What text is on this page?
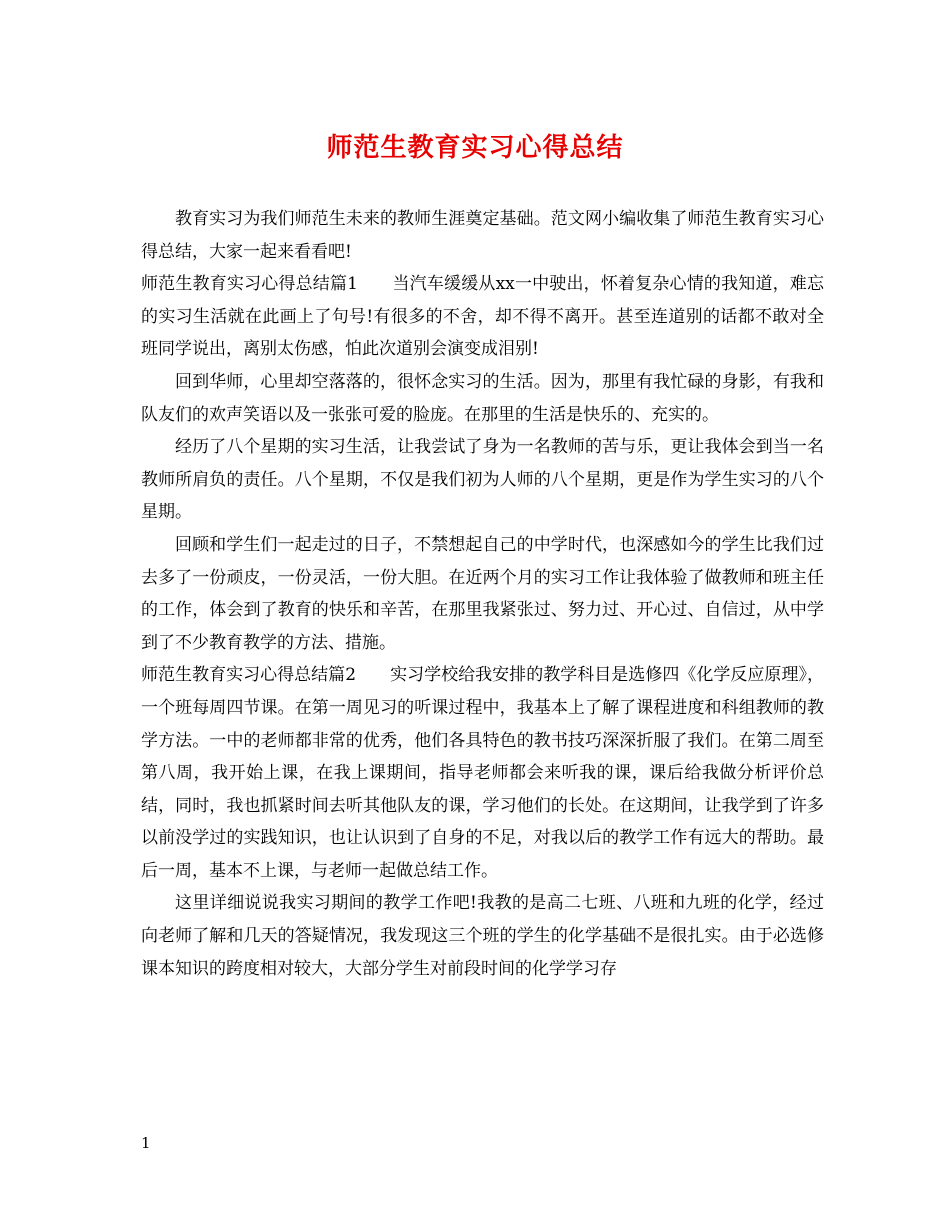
师范生教育实习心得总结

教育实习为我们师范生未来的教师生涯奠定基础。范文网小编收集了师范生教育实习心得总结，大家一起来看看吧!

师范生教育实习心得总结篇1　　当汽车缓缓从xx一中驶出，怀着复杂心情的我知道，难忘的实习生活就在此画上了句号!有很多的不舍，却不得不离开。甚至连道别的话都不敢对全班同学说出，离别太伤感，怕此次道别会演变成泪别!

回到华师，心里却空落落的，很怀念实习的生活。因为，那里有我忙碌的身影，有我和队友们的欢声笑语以及一张张可爱的脸庞。在那里的生活是快乐的、充实的。

经历了八个星期的实习生活，让我尝试了身为一名教师的苦与乐，更让我体会到当一名教师所肩负的责任。八个星期，不仅是我们初为人师的八个星期，更是作为学生实习的八个星期。

回顾和学生们一起走过的日子，不禁想起自己的中学时代，也深感如今的学生比我们过去多了一份顽皮，一份灵活，一份大胆。在近两个月的实习工作让我体验了做教师和班主任的工作，体会到了教育的快乐和辛苦，在那里我紧张过、努力过、开心过、自信过，从中学到了不少教育教学的方法、措施。

师范生教育实习心得总结篇2　　实习学校给我安排的教学科目是选修四《化学反应原理》，一个班每周四节课。在第一周见习的听课过程中，我基本上了解了课程进度和科组教师的教学方法。一中的老师都非常的优秀，他们各具特色的教书技巧深深折服了我们。在第二周至第八周，我开始上课，在我上课期间，指导老师都会来听我的课，课后给我做分析评价总结，同时，我也抓紧时间去听其他队友的课，学习他们的长处。在这期间，让我学到了许多以前没学过的实践知识，也让认识到了自身的不足，对我以后的教学工作有远大的帮助。最后一周，基本不上课，与老师一起做总结工作。

这里详细说说我实习期间的教学工作吧!我教的是高二七班、八班和九班的化学，经过向老师了解和几天的答疑情况，我发现这三个班的学生的化学基础不是很扎实。由于必选修课本知识的跨度相对较大，大部分学生对前段时间的化学学习存

1
